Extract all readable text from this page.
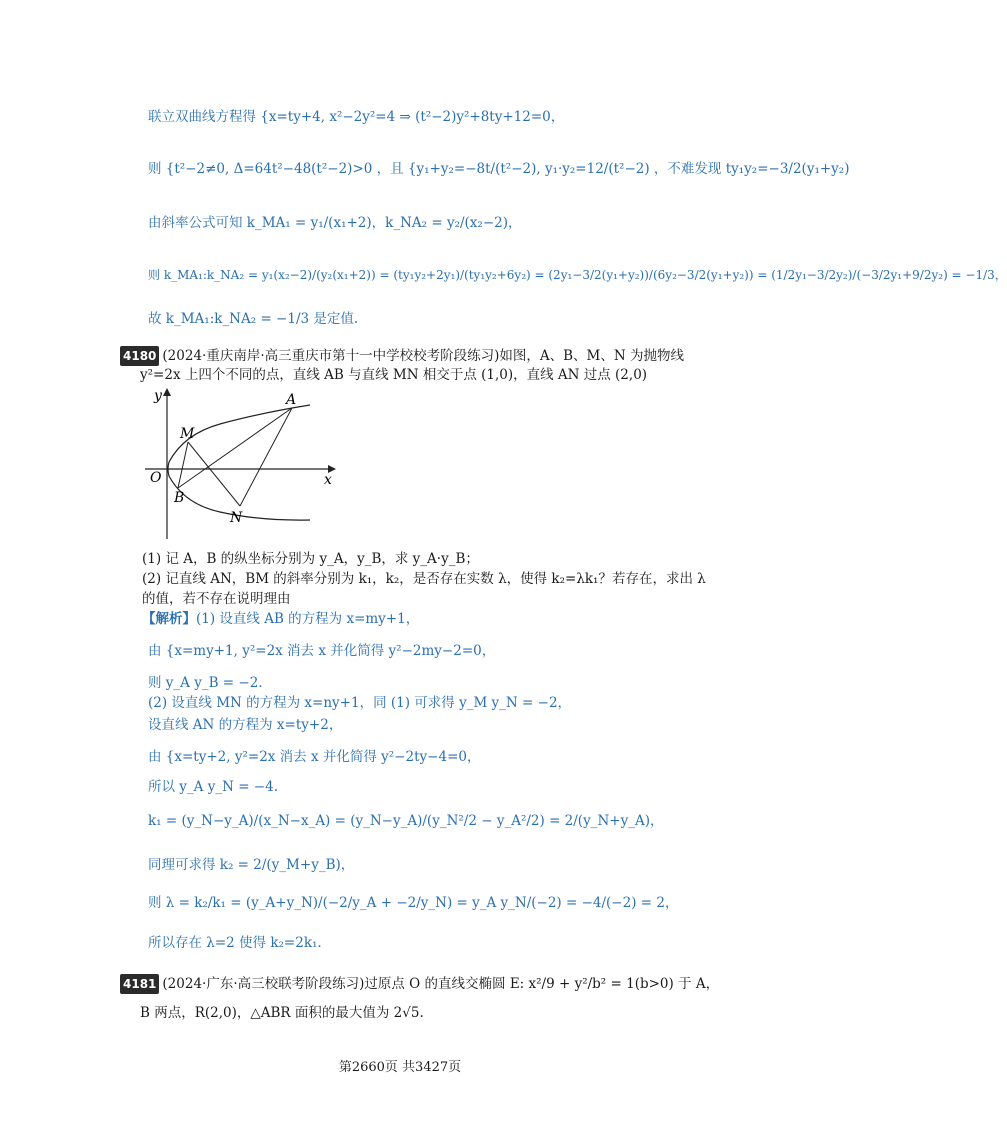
联立双曲线方程得 {x=ty+4, x²−2y²=4 ⇒ (t²−2)y²+8ty+12=0，
则 {t²−2≠0, Δ=64t²−48(t²−2)>0 ，且 {y₁+y₂=−8t/(t²−2), y₁·y₂=12/(t²−2) ，不难发现 ty₁y₂=−3/2(y₁+y₂)
由斜率公式可知 k_MA₁ = y₁/(x₁+2)，k_NA₂ = y₂/(x₂−2)，
则 k_MA₁:k_NA₂ = y₁(x₂−2)/(y₂(x₁+2)) = (ty₁y₂+2y₁)/(ty₁y₂+6y₂) = (2y₁−3/2(y₁+y₂))/(6y₂−3/2(y₁+y₂)) = (1/2y₁−3/2y₂)/(−3/2y₁+9/2y₂) = −1/3，
故 k_MA₁:k_NA₂ = −1/3 是定值.
4180 (2024·重庆南岸·高三重庆市第十一中学校校考阶段练习)如图，A、B、M、N 为抛物线
y²=2x 上四个不同的点，直线 AB 与直线 MN 相交于点 (1,0)，直线 AN 过点 (2,0)
y
x
O
A
B
M
N
(1) 记 A，B 的纵坐标分别为 y_A，y_B，求 y_A·y_B；
(2) 记直线 AN，BM 的斜率分别为 k₁，k₂，是否存在实数 λ，使得 k₂=λk₁？若存在，求出 λ
的值，若不存在说明理由
【解析】(1) 设直线 AB 的方程为 x=my+1，
由 {x=my+1, y²=2x 消去 x 并化简得 y²−2my−2=0，
则 y_A y_B = −2.
(2) 设直线 MN 的方程为 x=ny+1，同 (1) 可求得 y_M y_N = −2，
设直线 AN 的方程为 x=ty+2，
由 {x=ty+2, y²=2x 消去 x 并化简得 y²−2ty−4=0，
所以 y_A y_N = −4.
k₁ = (y_N−y_A)/(x_N−x_A) = (y_N−y_A)/(y_N²/2 − y_A²/2) = 2/(y_N+y_A)，
同理可求得 k₂ = 2/(y_M+y_B)，
则 λ = k₂/k₁ = (y_A+y_N)/(−2/y_A + −2/y_N) = y_A y_N/(−2) = −4/(−2) = 2，
所以存在 λ=2 使得 k₂=2k₁.
4181 (2024·广东·高三校联考阶段练习)过原点 O 的直线交椭圆 E: x²/9 + y²/b² = 1(b>0) 于 A，
B 两点，R(2,0)，△ABR 面积的最大值为 2√5.
第2660页 共3427页
